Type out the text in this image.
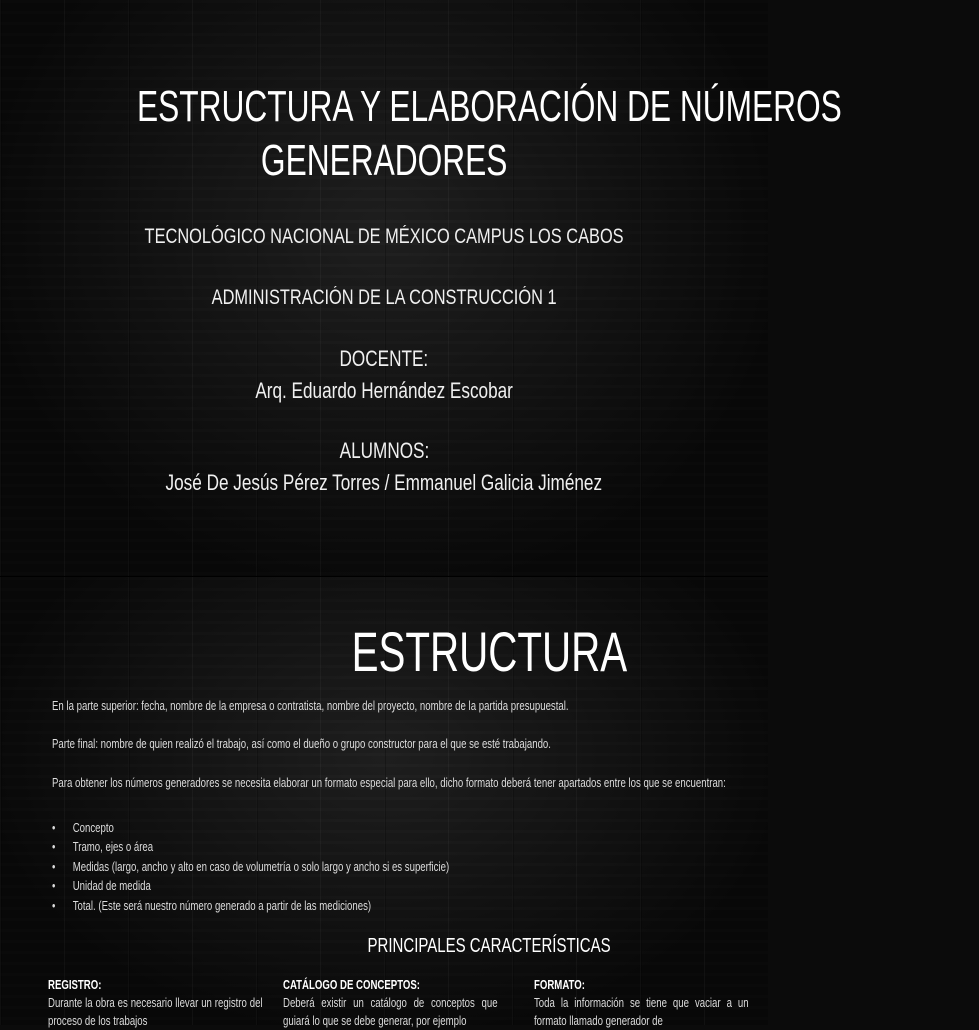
ESTRUCTURA Y ELABORACIÓN DE NÚMEROS
GENERADORES
TECNOLÓGICO NACIONAL DE MÉXICO CAMPUS LOS CABOS
ADMINISTRACIÓN DE LA CONSTRUCCIÓN 1
DOCENTE:
Arq. Eduardo Hernández Escobar
ALUMNOS:
José De Jesús Pérez Torres / Emmanuel Galicia Jiménez
ESTRUCTURA
En la parte superior: fecha, nombre de la empresa o contratista, nombre del proyecto, nombre de la partida presupuestal.
Parte final: nombre de quien realizó el trabajo, así como el dueño o grupo constructor para el que se esté trabajando.
Para obtener los números generadores se necesita elaborar un formato especial para ello, dicho formato deberá tener apartados entre los que se encuentran:
• Concepto
• Tramo, ejes o área
• Medidas (largo, ancho y alto en caso de volumetría o solo largo y ancho si es superficie)
• Unidad de medida
• Total. (Este será nuestro número generado a partir de las mediciones)
PRINCIPALES CARACTERÍSTICAS
REGISTRO:
Durante la obra es necesario llevar un registro del proceso de los trabajos
CATÁLOGO DE CONCEPTOS:
Deberá existir un catálogo de conceptos que guiará lo que se debe generar, por ejemplo
FORMATO:
Toda la información se tiene que vaciar a un formato llamado generador de
